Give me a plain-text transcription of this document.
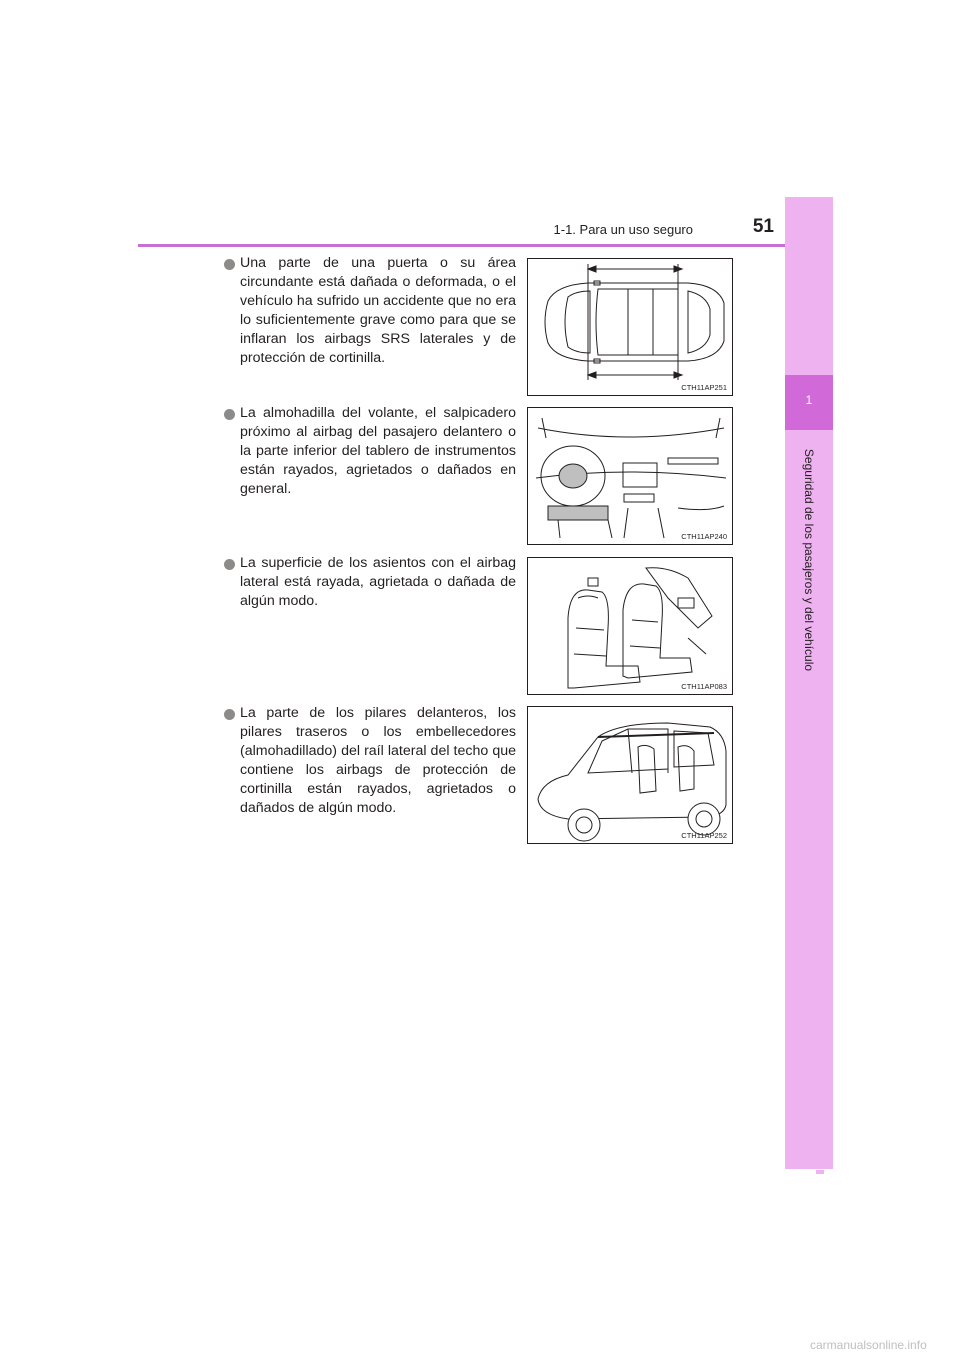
1-1. Para un uso seguro	51
1
Seguridad de los pasajeros y del vehículo
Una parte de una puerta o su área circundante está dañada o deformada, o el vehículo ha sufrido un accidente que no era lo suficientemente grave como para que se inflaran los airbags SRS laterales y de protección de cortinilla.
CTH11AP251
La almohadilla del volante, el salpicadero próximo al airbag del pasajero delantero o la parte inferior del tablero de instrumentos están rayados, agrietados o dañados en general.
CTH11AP240
La superficie de los asientos con el airbag lateral está rayada, agrietada o dañada de algún modo.
CTH11AP083
La parte de los pilares delanteros, los pilares traseros o los embellecedores (almohadillado) del raíl lateral del techo que contiene los airbags de protección de cortinilla están rayados, agrietados o dañados de algún modo.
CTH11AP252
carmanualsonline.info
